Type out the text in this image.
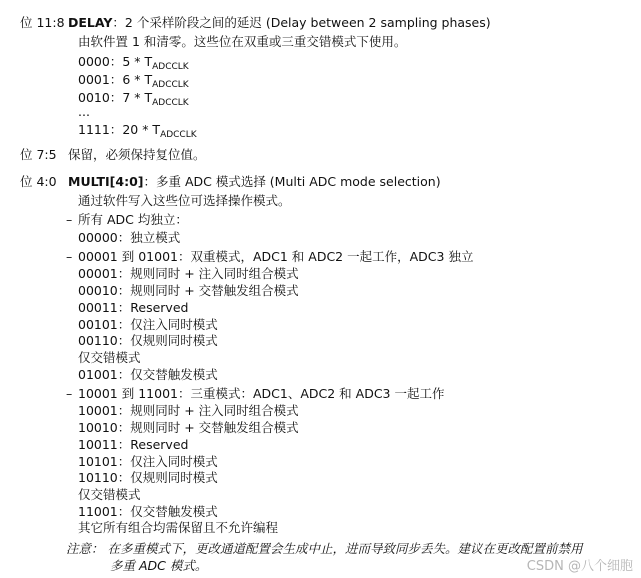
位 11:8 DELAY：2 个采样阶段之间的延迟 (Delay between 2 sampling phases)
由软件置 1 和清零。这些位在双重或三重交错模式下使用。
0000：$5 * T_{ADCCLK}$
0001：$6 * T_{ADCCLK}$
0010：$7 * T_{ADCCLK}$
...
1111：$20 * T_{ADCCLK}$
位 7:5 保留，必须保持复位值。
位 4:0 MULTI[4:0]：多重 ADC 模式选择 (Multi ADC mode selection)
通过软件写入这些位可选择操作模式。
– 所有 ADC 均独立：
00000：独立模式
– 00001 到 01001：双重模式，ADC1 和 ADC2 一起工作，ADC3 独立
00001：规则同时 + 注入同时组合模式
00010：规则同时 + 交替触发组合模式
00011：Reserved
00101：仅注入同时模式
00110：仅规则同时模式
仅交错模式
01001：仅交替触发模式
– 10001 到 11001：三重模式：ADC1、ADC2 和 ADC3 一起工作
10001：规则同时 + 注入同时组合模式
10010：规则同时 + 交替触发组合模式
10011：Reserved
10101：仅注入同时模式
10110：仅规则同时模式
仅交错模式
11001：仅交替触发模式
其它所有组合均需保留且不允许编程
注意： 在多重模式下，更改通道配置会生成中止，进而导致同步丢失。建议在更改配置前禁用
多重 ADC 模式。	CSDN @八个细胞
